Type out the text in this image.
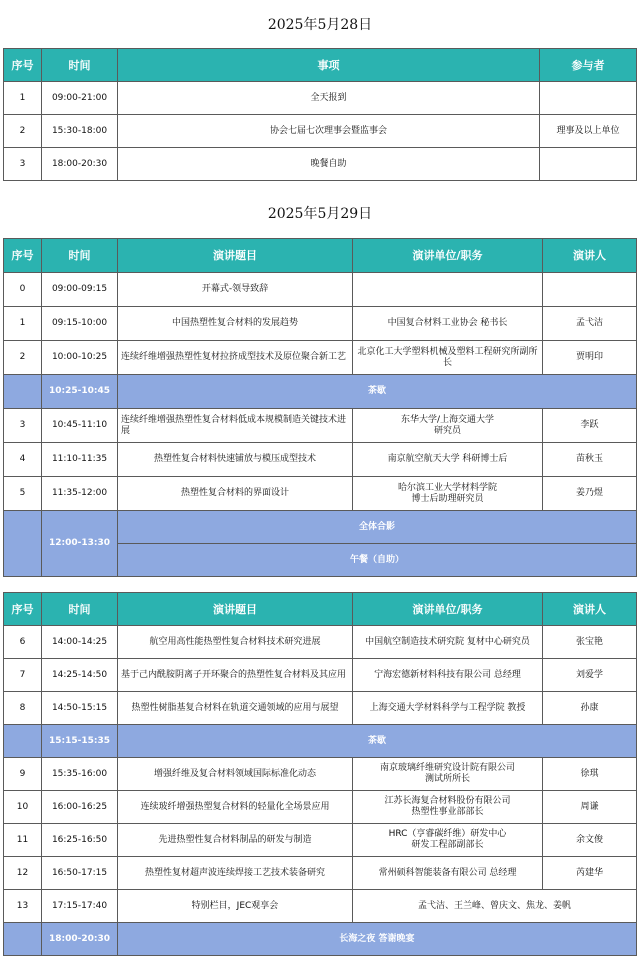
2025年5月28日
序号	时间	事项	参与者
1	09:00-21:00	全天报到	
2	15:30-18:00	协会七届七次理事会暨监事会	理事及以上单位
3	18:00-20:30	晚餐自助	
2025年5月29日
序号	时间	演讲题目	演讲单位/职务	演讲人
0	09:00-09:15	开幕式-领导致辞		
1	09:15-10:00	中国热塑性复合材料的发展趋势	中国复合材料工业协会 秘书长	孟弋洁
2	10:00-10:25	连续纤维增强热塑性复材拉挤成型技术及原位聚合新工艺	北京化工大学塑料机械及塑料工程研究所副所长	贾明印
	10:25-10:45	茶歇		
3	10:45-11:10	连续纤维增强热塑性复合材料低成本规模制造关键技术进展	东华大学/上海交通大学
研究员	李跃
4	11:10-11:35	热塑性复合材料快速铺放与模压成型技术	南京航空航天大学 科研博士后	苗秋玉
5	11:35-12:00	热塑性复合材料的界面设计	哈尔滨工业大学材料学院
博士后助理研究员	姜乃煜
	12:00-13:30	全体合影		
		午餐（自助）		
序号	时间	演讲题目	演讲单位/职务	演讲人
6	14:00-14:25	航空用高性能热塑性复合材料技术研究进展	中国航空制造技术研究院 复材中心研究员	张宝艳
7	14:25-14:50	基于己内酰胺阴离子开环聚合的热塑性复合材料及其应用	宁海宏德新材料科技有限公司 总经理	刘爱学
8	14:50-15:15	热塑性树脂基复合材料在轨道交通领域的应用与展望	上海交通大学材料科学与工程学院 教授	孙康
	15:15-15:35	茶歇		
9	15:35-16:00	增强纤维及复合材料领域国际标准化动态	南京玻璃纤维研究设计院有限公司
测试所所长	徐琪
10	16:00-16:25	连续玻纤增强热塑复合材料的轻量化全场景应用	江苏长海复合材料股份有限公司
热塑性事业部部长	周谦
11	16:25-16:50	先进热塑性复合材料制品的研发与制造	HRC（亨睿碳纤维）研发中心
研发工程部副部长	余文俊
12	16:50-17:15	热塑性复材超声波连续焊接工艺技术装备研究	常州硕科智能装备有限公司 总经理	芮建华
13	17:15-17:40	特别栏目，JEC观享会	孟弋洁、王兰峰、曾庆文、焦龙、姜帆	
	18:00-20:30	长海之夜 答谢晚宴		
